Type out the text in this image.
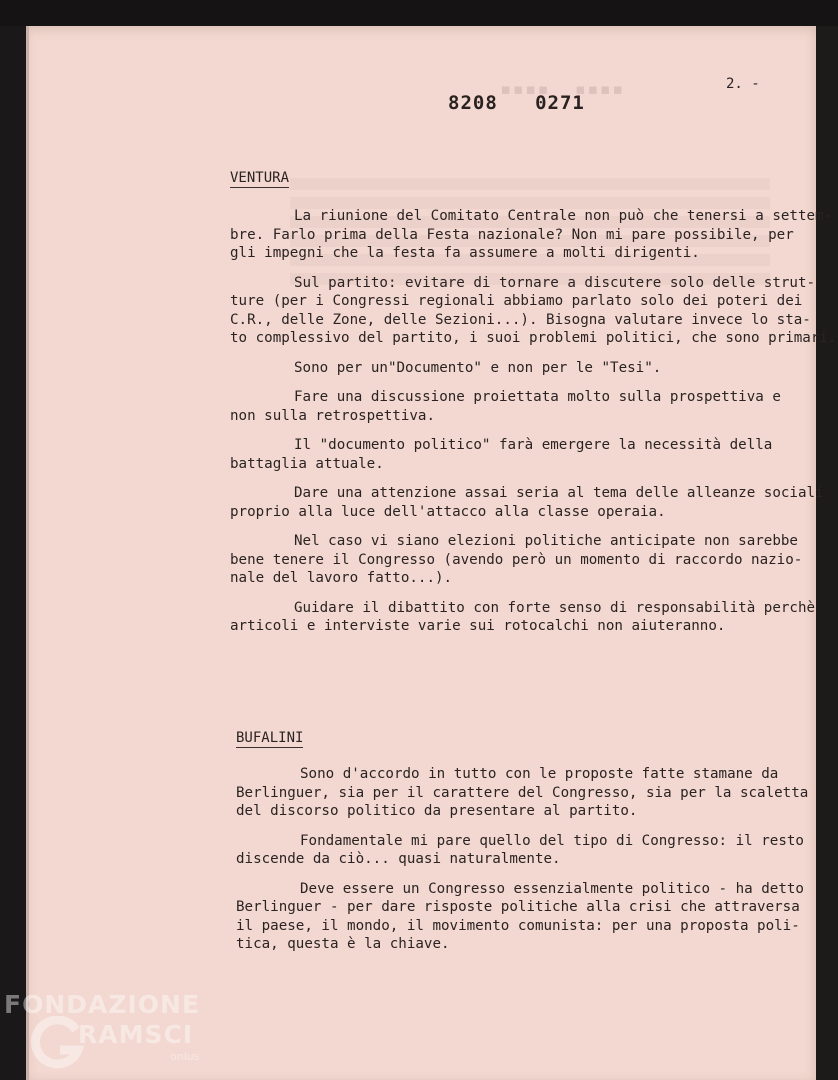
▪▪▪▪  ▪▪▪▪	2. -
8208   0271
VENTURA

La riunione del Comitato Centrale non può che tenersi a settem-
bre. Farlo prima della Festa nazionale? Non mi pare possibile, per
gli impegni che la festa fa assumere a molti dirigenti.

Sul partito: evitare di tornare a discutere solo delle strut-
ture (per i Congressi regionali abbiamo parlato solo dei poteri dei
C.R., delle Zone, delle Sezioni...). Bisogna valutare invece lo sta-
to complessivo del partito, i suoi problemi politici, che sono primari.

Sono per un"Documento" e non per le "Tesi".

Fare una discussione proiettata molto sulla prospettiva e
non sulla retrospettiva.

Il "documento politico" farà emergere la necessità della
battaglia attuale.

Dare una attenzione assai seria al tema delle alleanze sociali
proprio alla luce dell'attacco alla classe operaia.

Nel caso vi siano elezioni politiche anticipate non sarebbe
bene tenere il Congresso (avendo però un momento di raccordo nazio-
nale del lavoro fatto...).

Guidare il dibattito con forte senso di responsabilità perchè
articoli e interviste varie sui rotocalchi non aiuteranno.

BUFALINI

Sono d'accordo in tutto con le proposte fatte stamane da
Berlinguer, sia per il carattere del Congresso, sia per la scaletta
del discorso politico da presentare al partito.

Fondamentale mi pare quello del tipo di Congresso: il resto
discende da ciò... quasi naturalmente.

Deve essere un Congresso essenzialmente politico - ha detto
Berlinguer - per dare risposte politiche alla crisi che attraversa
il paese, il mondo, il movimento comunista: per una proposta poli-
tica, questa è la chiave.

FONDAZIONE
RAMSCI
onlus
